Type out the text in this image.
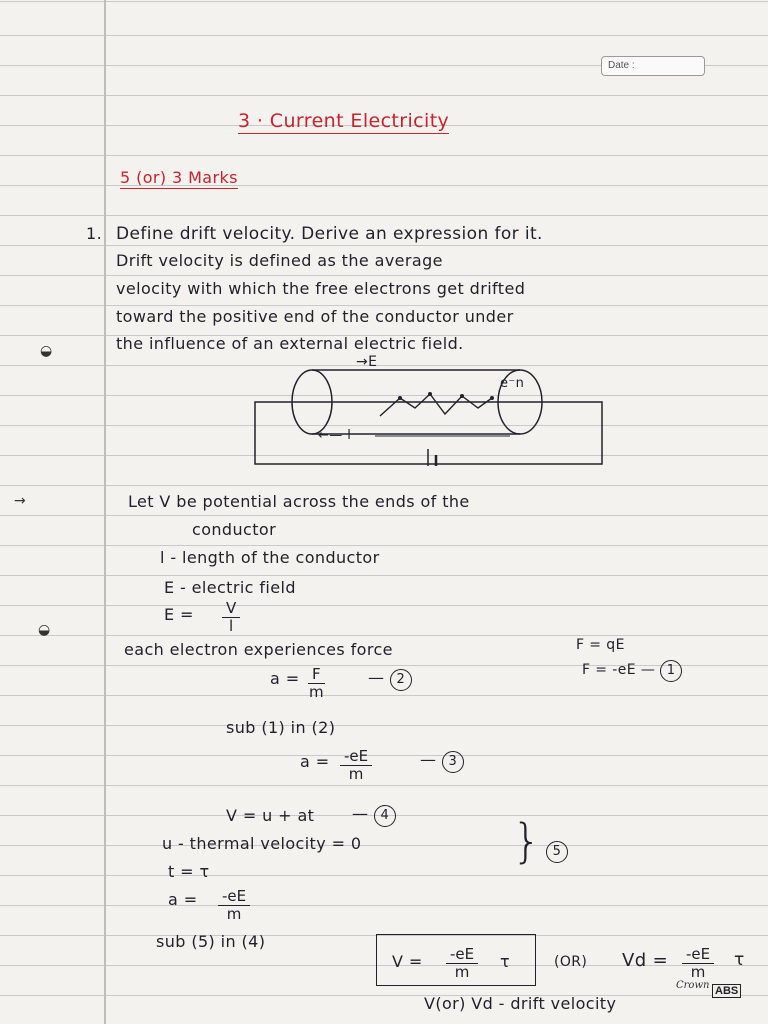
Date :
3 · Current Electricity
5 (or) 3 Marks
1. Define drift velocity. Derive an expression for it.
Drift velocity is defined as the average
velocity with which the free electrons get drifted
toward the positive end of the conductor under
the influence of an external electric field.
◒
◒
→
→E
e⁻n
←— l
Let V be potential across the ends of the
conductor
l - length of the conductor
E - electric field
$E = \frac{V}{l}$
each electron experiences force	F = qE
F = -eE — 1
$a = \frac{F}{m}$	— 2
sub (1) in (2)
$a = \frac{-eE}{m}$	— 3
V = u + at — 4
u - thermal velocity = 0
t = τ
$a = \frac{-eE}{m}$
} 5
sub (5) in (4)
$V = \frac{-eE}{m}$ τ	(OR) $Vd = \frac{-eE}{m}$ τ
V(or) Vd - drift velocity
Crown ABS
